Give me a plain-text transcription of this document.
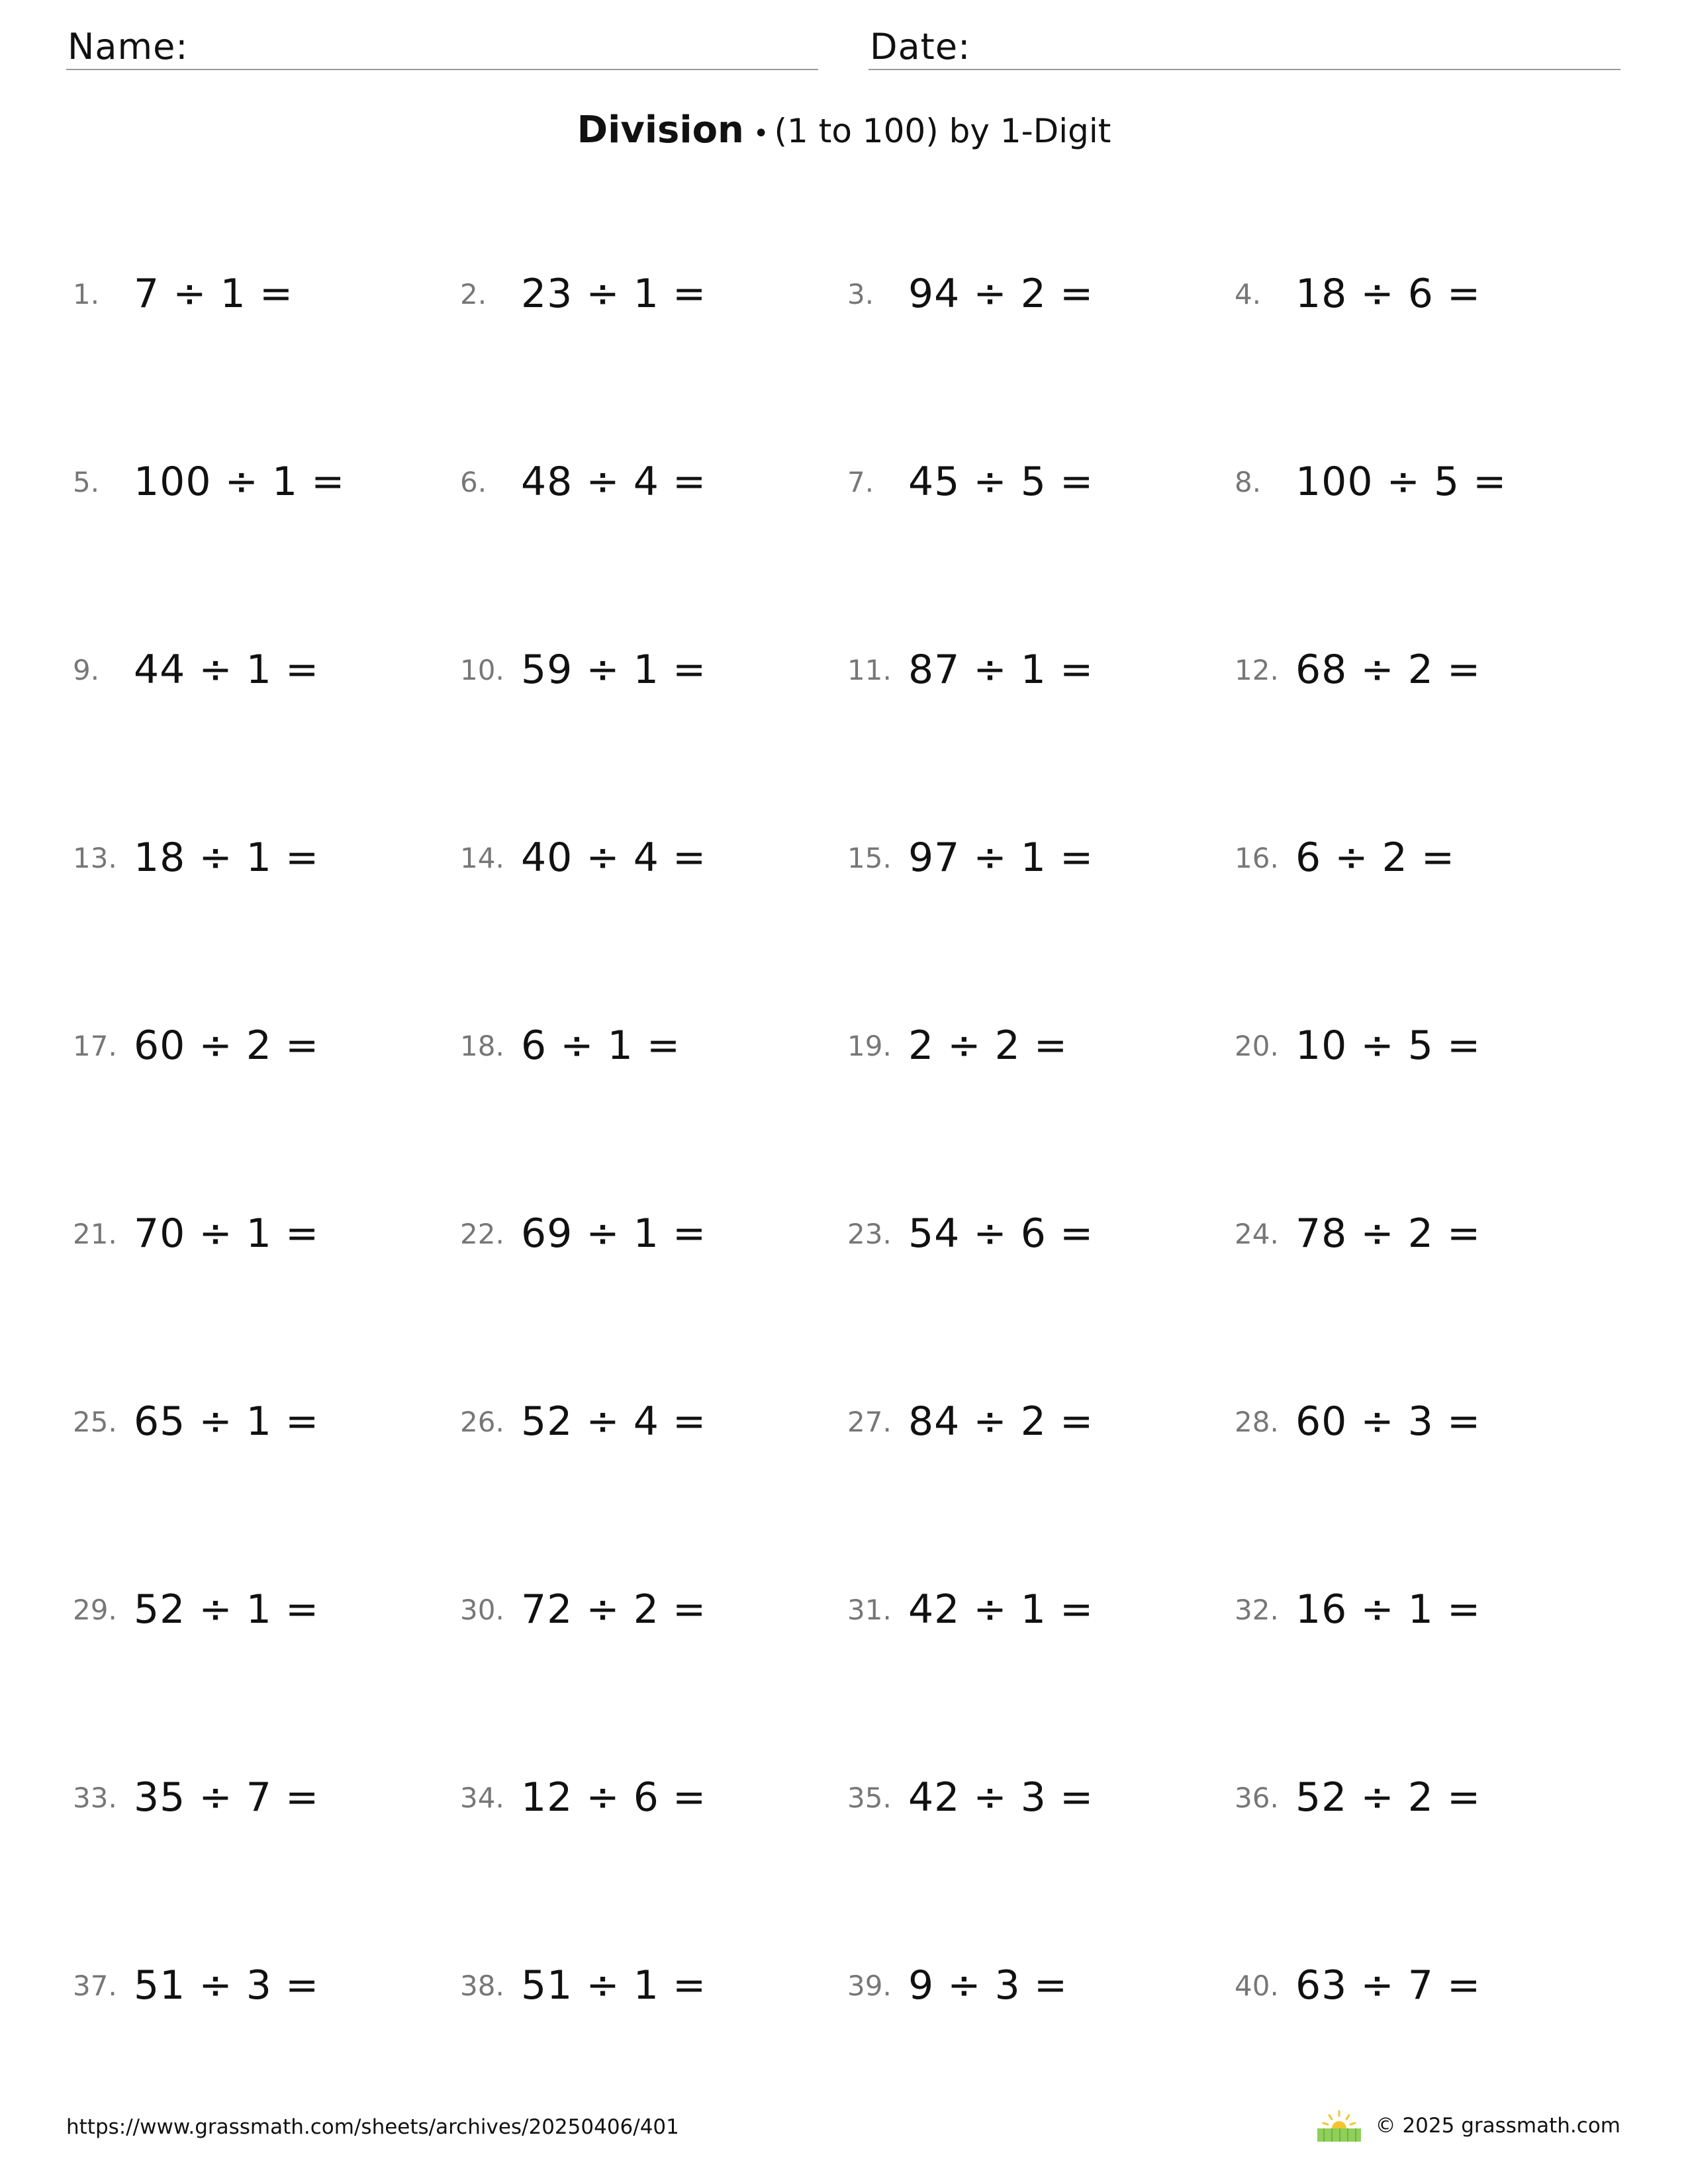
Name:	Date:
Division • (1 to 100) by 1-Digit
1. 7 ÷ 1 =	2. 23 ÷ 1 =	3. 94 ÷ 2 =	4. 18 ÷ 6 =
5. 100 ÷ 1 =	6. 48 ÷ 4 =	7. 45 ÷ 5 =	8. 100 ÷ 5 =
9. 44 ÷ 1 =	10. 59 ÷ 1 =	11. 87 ÷ 1 =	12. 68 ÷ 2 =
13. 18 ÷ 1 =	14. 40 ÷ 4 =	15. 97 ÷ 1 =	16. 6 ÷ 2 =
17. 60 ÷ 2 =	18. 6 ÷ 1 =	19. 2 ÷ 2 =	20. 10 ÷ 5 =
21. 70 ÷ 1 =	22. 69 ÷ 1 =	23. 54 ÷ 6 =	24. 78 ÷ 2 =
25. 65 ÷ 1 =	26. 52 ÷ 4 =	27. 84 ÷ 2 =	28. 60 ÷ 3 =
29. 52 ÷ 1 =	30. 72 ÷ 2 =	31. 42 ÷ 1 =	32. 16 ÷ 1 =
33. 35 ÷ 7 =	34. 12 ÷ 6 =	35. 42 ÷ 3 =	36. 52 ÷ 2 =
37. 51 ÷ 3 =	38. 51 ÷ 1 =	39. 9 ÷ 3 =	40. 63 ÷ 7 =
https://www.grassmath.com/sheets/archives/20250406/401	© 2025 grassmath.com
